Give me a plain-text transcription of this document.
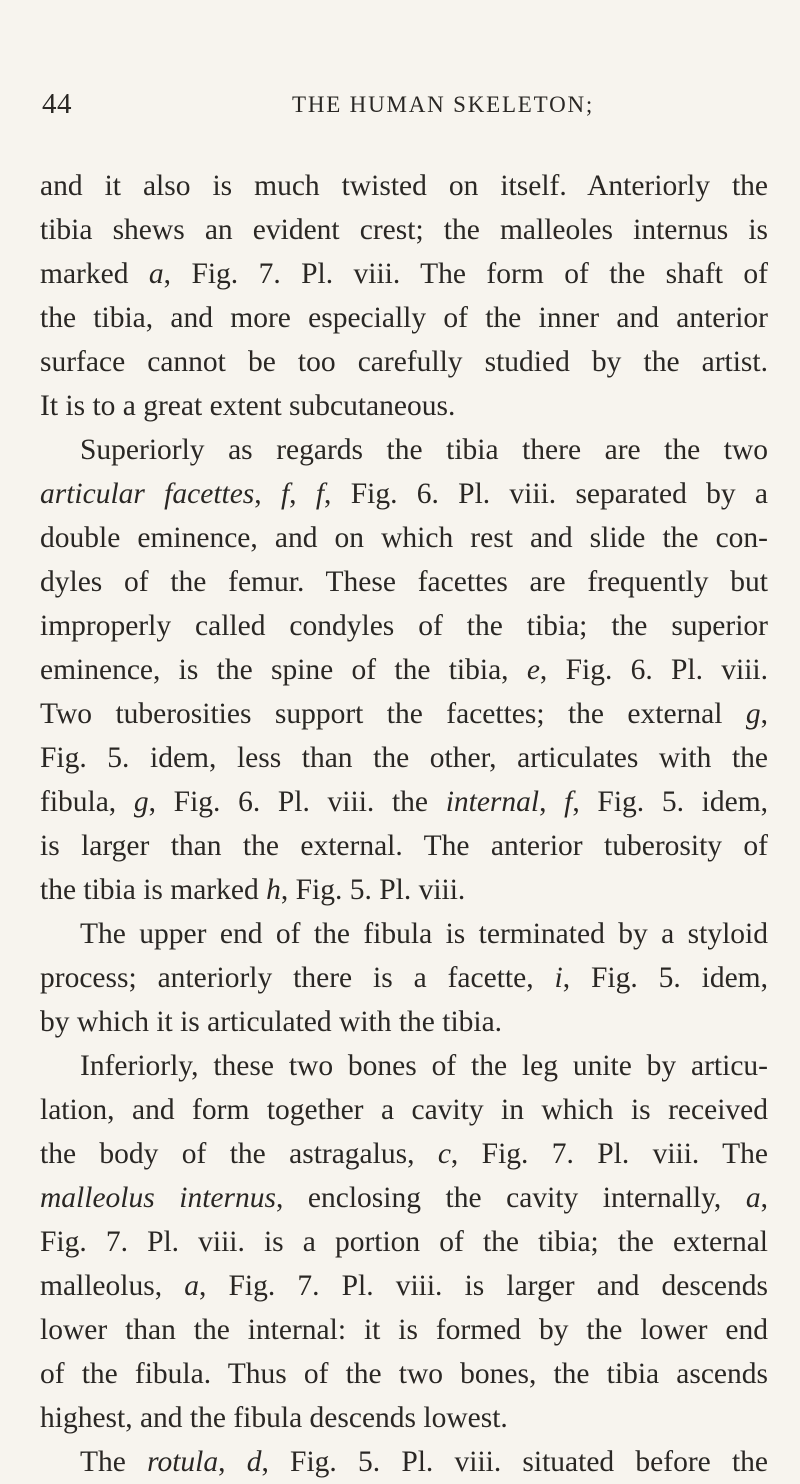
44	THE HUMAN SKELETON;
and it also is much twisted on itself. Anteriorly the
tibia shews an evident crest; the malleoles internus is
marked a, Fig. 7. Pl. viii. The form of the shaft of
the tibia, and more especially of the inner and anterior
surface cannot be too carefully studied by the artist.
It is to a great extent subcutaneous.
Superiorly as regards the tibia there are the two
articular facettes, f, f, Fig. 6. Pl. viii. separated by a
double eminence, and on which rest and slide the con-
dyles of the femur. These facettes are frequently but
improperly called condyles of the tibia; the superior
eminence, is the spine of the tibia, e, Fig. 6. Pl. viii.
Two tuberosities support the facettes; the external g,
Fig. 5. idem, less than the other, articulates with the
fibula, g, Fig. 6. Pl. viii. the internal, f, Fig. 5. idem,
is larger than the external. The anterior tuberosity of
the tibia is marked h, Fig. 5. Pl. viii.
The upper end of the fibula is terminated by a styloid
process; anteriorly there is a facette, i, Fig. 5. idem,
by which it is articulated with the tibia.
Inferiorly, these two bones of the leg unite by articu-
lation, and form together a cavity in which is received
the body of the astragalus, c, Fig. 7. Pl. viii. The
malleolus internus, enclosing the cavity internally, a,
Fig. 7. Pl. viii. is a portion of the tibia; the external
malleolus, a, Fig. 7. Pl. viii. is larger and descends
lower than the internal: it is formed by the lower end
of the fibula. Thus of the two bones, the tibia ascends
highest, and the fibula descends lowest.
The rotula, d, Fig. 5. Pl. viii. situated before the
